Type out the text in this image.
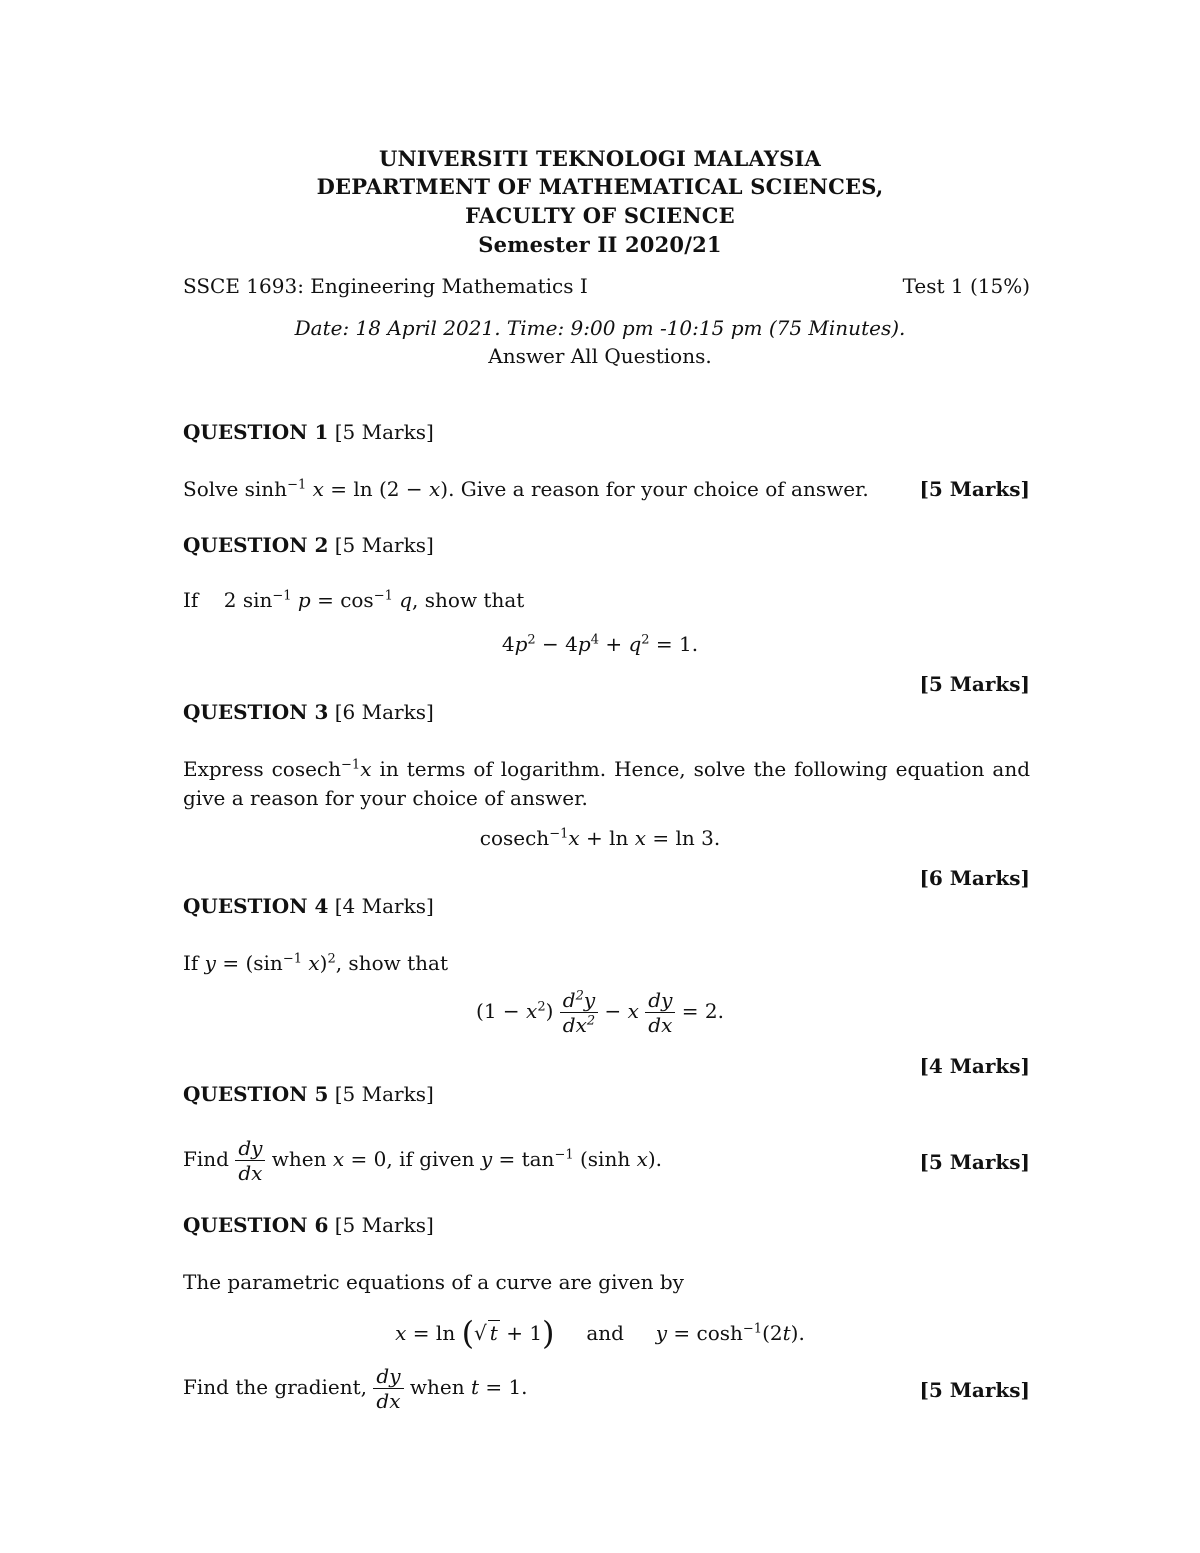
UNIVERSITI TEKNOLOGI MALAYSIA
DEPARTMENT OF MATHEMATICAL SCIENCES,
FACULTY OF SCIENCE
Semester II 2020/21
SSCE 1693: Engineering Mathematics I	Test 1 (15%)
Date: 18 April 2021. Time: 9:00 pm -10:15 pm (75 Minutes).
Answer All Questions.
QUESTION 1 [5 Marks]
Solve $\sinh^{-1} x = \ln (2 - x)$. Give a reason for your choice of answer.	[5 Marks]
QUESTION 2 [5 Marks]
If    2 $\sin^{-1} p = \cos^{-1} q$, show that
$4p^2 - 4p^4 + q^2 = 1$.
[5 Marks]
QUESTION 3 [6 Marks]
Express cosech$^{-1}$x in terms of logarithm. Hence, solve the following equation and
give a reason for your choice of answer.
cosech$^{-1}$x + ln x = ln 3.
[6 Marks]
QUESTION 4 [4 Marks]
If $y = (\sin^{-1}$ x)$^2$, show that
$(1 - x^2) \frac{d^2y}{dx^2} - x \frac{dy}{dx} = 2$.
[4 Marks]
QUESTION 5 [5 Marks]
Find $\frac{dy}{dx}$ when x = 0, if given $y = \tan^{-1} (\sinh$ x).	[5 Marks]
QUESTION 6 [5 Marks]
The parametric equations of a curve are given by
x = ln (√ t + 1) and $y = \cosh^{-1}(2t)$.
Find the gradient, $\frac{dy}{dx}$ when t = 1.	[5 Marks]
